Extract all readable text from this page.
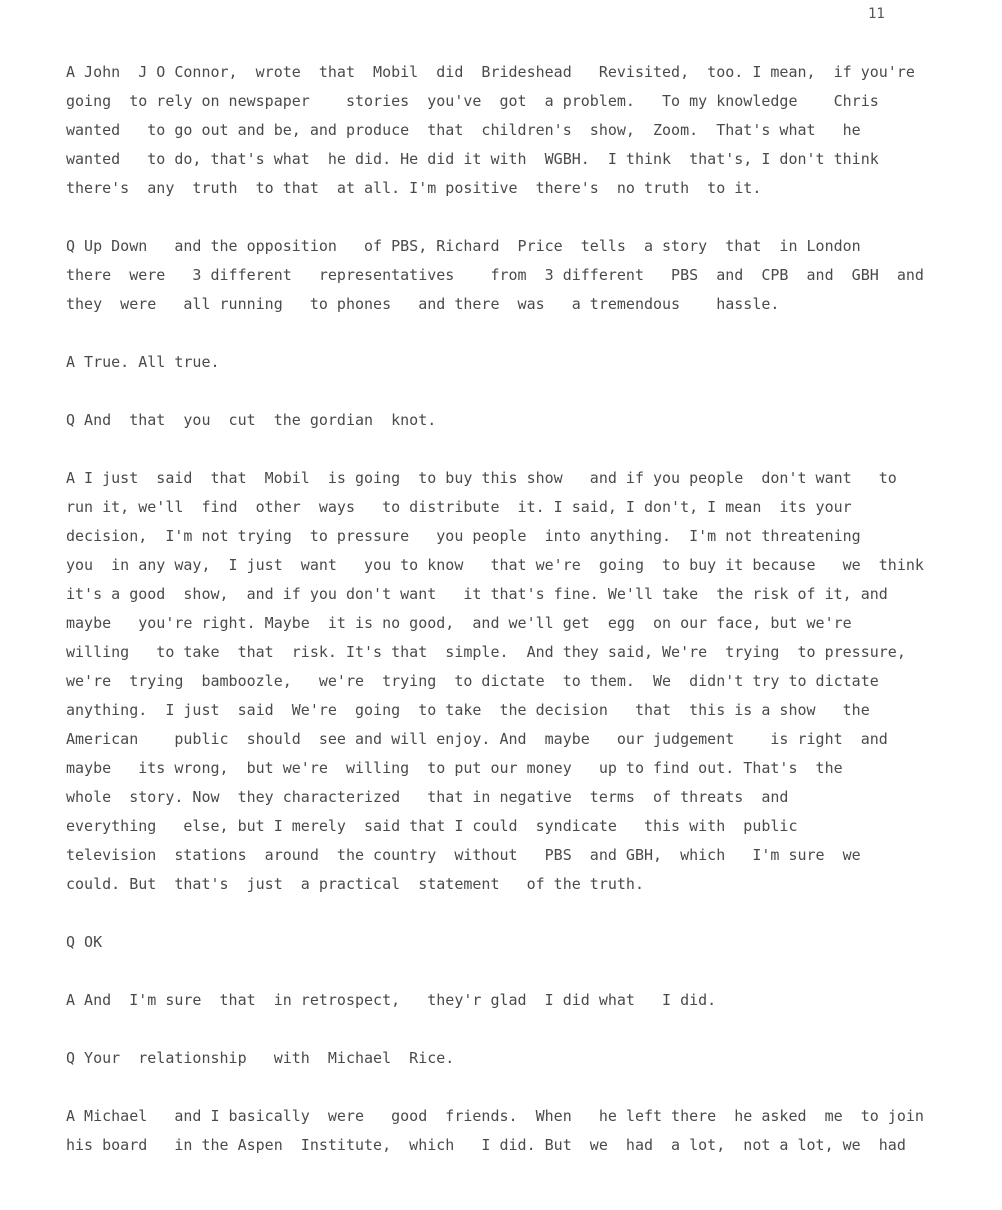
11

A John  J O Connor,  wrote  that  Mobil  did  Brideshead   Revisited,  too. I mean,  if you're
going  to rely on newspaper    stories  you've  got  a problem.   To my knowledge    Chris
wanted   to go out and be, and produce  that  children's  show,  Zoom.  That's what   he
wanted   to do, that's what  he did. He did it with  WGBH.  I think  that's, I don't think
there's  any  truth  to that  at all. I'm positive  there's  no truth  to it.

Q Up Down   and the opposition   of PBS, Richard  Price  tells  a story  that  in London
there  were   3 different   representatives    from  3 different   PBS  and  CPB  and  GBH  and
they  were   all running   to phones   and there  was   a tremendous    hassle.

A True. All true.

Q And  that  you  cut  the gordian  knot.

A I just  said  that  Mobil  is going  to buy this show   and if you people  don't want   to
run it, we'll  find  other  ways   to distribute  it. I said, I don't, I mean  its your
decision,  I'm not trying  to pressure   you people  into anything.  I'm not threatening
you  in any way,  I just  want   you to know   that we're  going  to buy it because   we  think
it's a good  show,  and if you don't want   it that's fine. We'll take  the risk of it, and
maybe   you're right. Maybe  it is no good,  and we'll get  egg  on our face, but we're
willing   to take  that  risk. It's that  simple.  And they said, We're  trying  to pressure,
we're  trying  bamboozle,   we're  trying  to dictate  to them.  We  didn't try to dictate
anything.  I just  said  We're  going  to take  the decision   that  this is a show   the
American    public  should  see and will enjoy. And  maybe   our judgement    is right  and
maybe   its wrong,  but we're  willing  to put our money   up to find out. That's  the
whole  story. Now  they characterized   that in negative  terms  of threats  and
everything   else, but I merely  said that I could  syndicate   this with  public
television  stations  around  the country  without   PBS  and GBH,  which   I'm sure  we
could. But  that's  just  a practical  statement   of the truth.

Q OK

A And  I'm sure  that  in retrospect,   they'r glad  I did what   I did.

Q Your  relationship   with  Michael  Rice.

A Michael   and I basically  were   good  friends.  When   he left there  he asked  me  to join
his board   in the Aspen  Institute,  which   I did. But  we  had  a lot,  not a lot, we  had
